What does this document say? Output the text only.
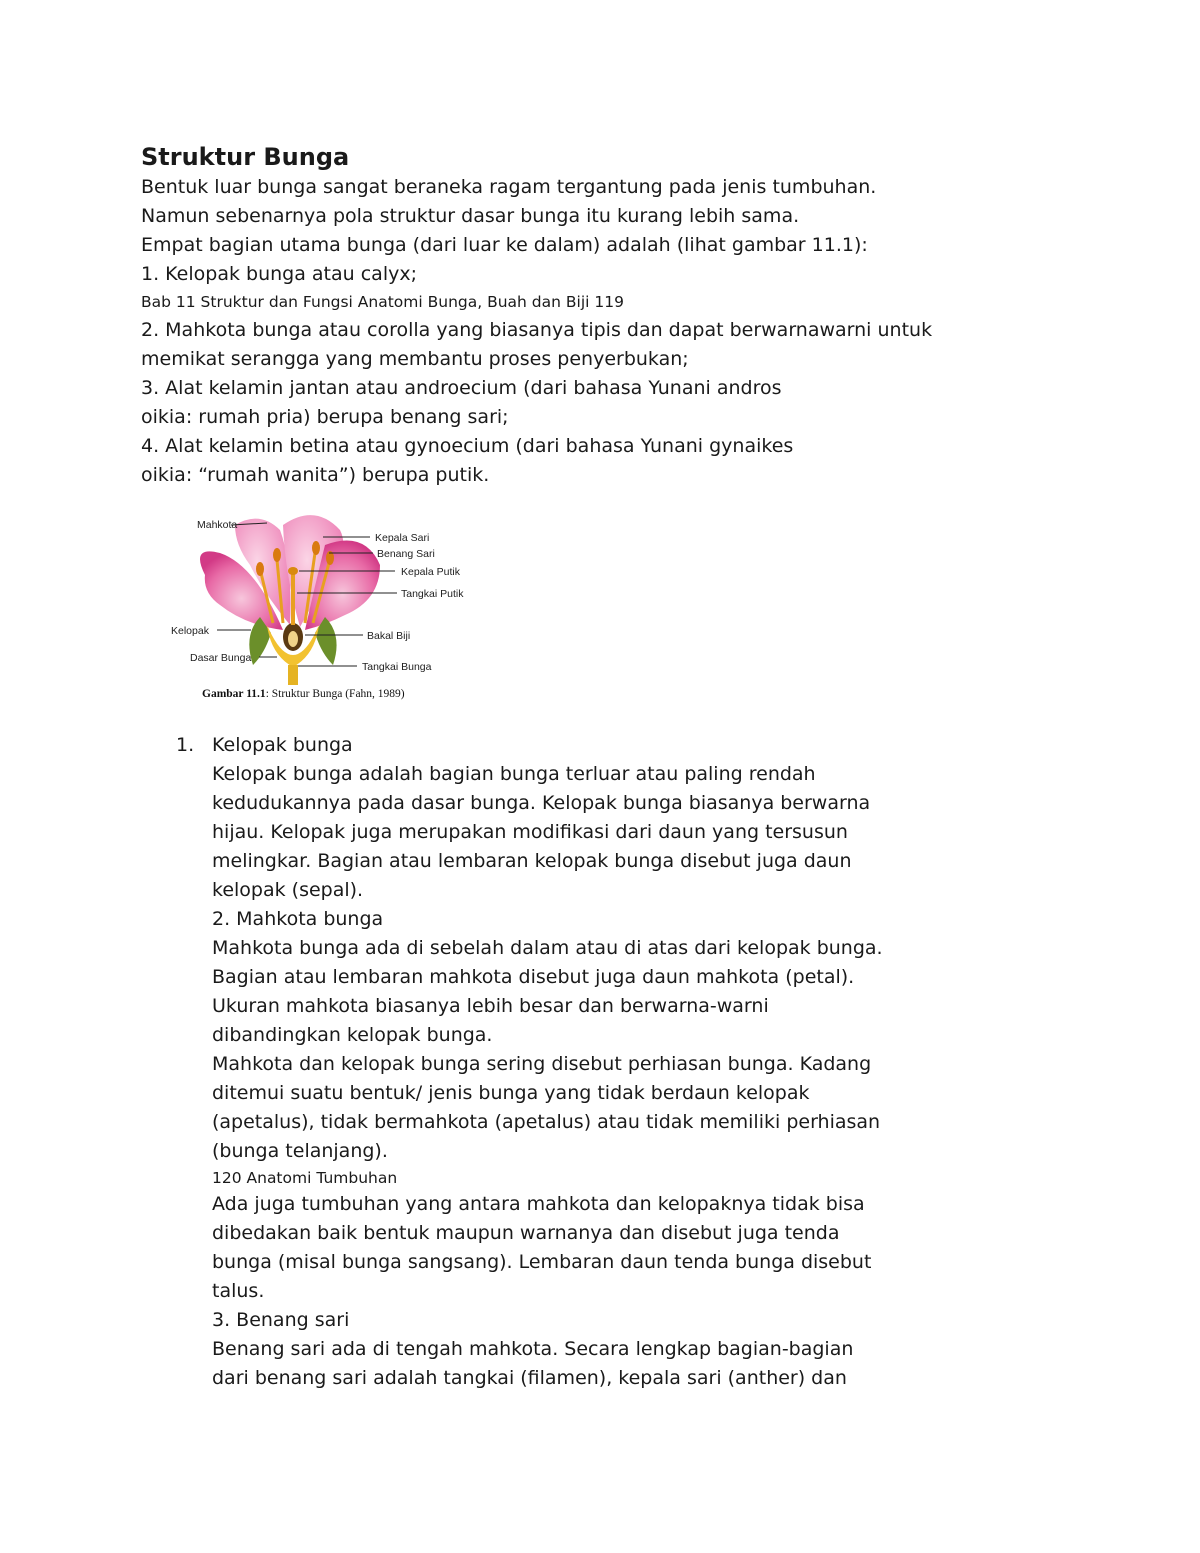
Struktur Bunga

Bentuk luar bunga sangat beraneka ragam tergantung pada jenis tumbuhan.

Namun sebenarnya pola struktur dasar bunga itu kurang lebih sama.

Empat bagian utama bunga (dari luar ke dalam) adalah (lihat gambar 11.1):

1. Kelopak bunga atau calyx;

Bab 11 Struktur dan Fungsi Anatomi Bunga, Buah dan Biji 119

2. Mahkota bunga atau corolla yang biasanya tipis dan dapat berwarnawarni untuk

memikat serangga yang membantu proses penyerbukan;

3. Alat kelamin jantan atau androecium (dari bahasa Yunani andros

oikia: rumah pria) berupa benang sari;

4. Alat kelamin betina atau gynoecium (dari bahasa Yunani gynaikes

oikia: “rumah wanita”) berupa putik.

Mahkota
Kepala Sari
Benang Sari
Kepala Putik
Tangkai Putik
Kelopak	Bakal Biji
Dasar Bunga
Tangkai Bunga
Gambar 11.1: Struktur Bunga (Fahn, 1989)
1. Kelopak bunga

Kelopak bunga adalah bagian bunga terluar atau paling rendah

kedudukannya pada dasar bunga. Kelopak bunga biasanya berwarna

hijau. Kelopak juga merupakan modifikasi dari daun yang tersusun

melingkar. Bagian atau lembaran kelopak bunga disebut juga daun

kelopak (sepal).

2. Mahkota bunga

Mahkota bunga ada di sebelah dalam atau di atas dari kelopak bunga.

Bagian atau lembaran mahkota disebut juga daun mahkota (petal).

Ukuran mahkota biasanya lebih besar dan berwarna-warni

dibandingkan kelopak bunga.

Mahkota dan kelopak bunga sering disebut perhiasan bunga. Kadang

ditemui suatu bentuk/ jenis bunga yang tidak berdaun kelopak

(apetalus), tidak bermahkota (apetalus) atau tidak memiliki perhiasan

(bunga telanjang).

120 Anatomi Tumbuhan

Ada juga tumbuhan yang antara mahkota dan kelopaknya tidak bisa

dibedakan baik bentuk maupun warnanya dan disebut juga tenda

bunga (misal bunga sangsang). Lembaran daun tenda bunga disebut

talus.

3. Benang sari

Benang sari ada di tengah mahkota. Secara lengkap bagian-bagian

dari benang sari adalah tangkai (filamen), kepala sari (anther) dan
